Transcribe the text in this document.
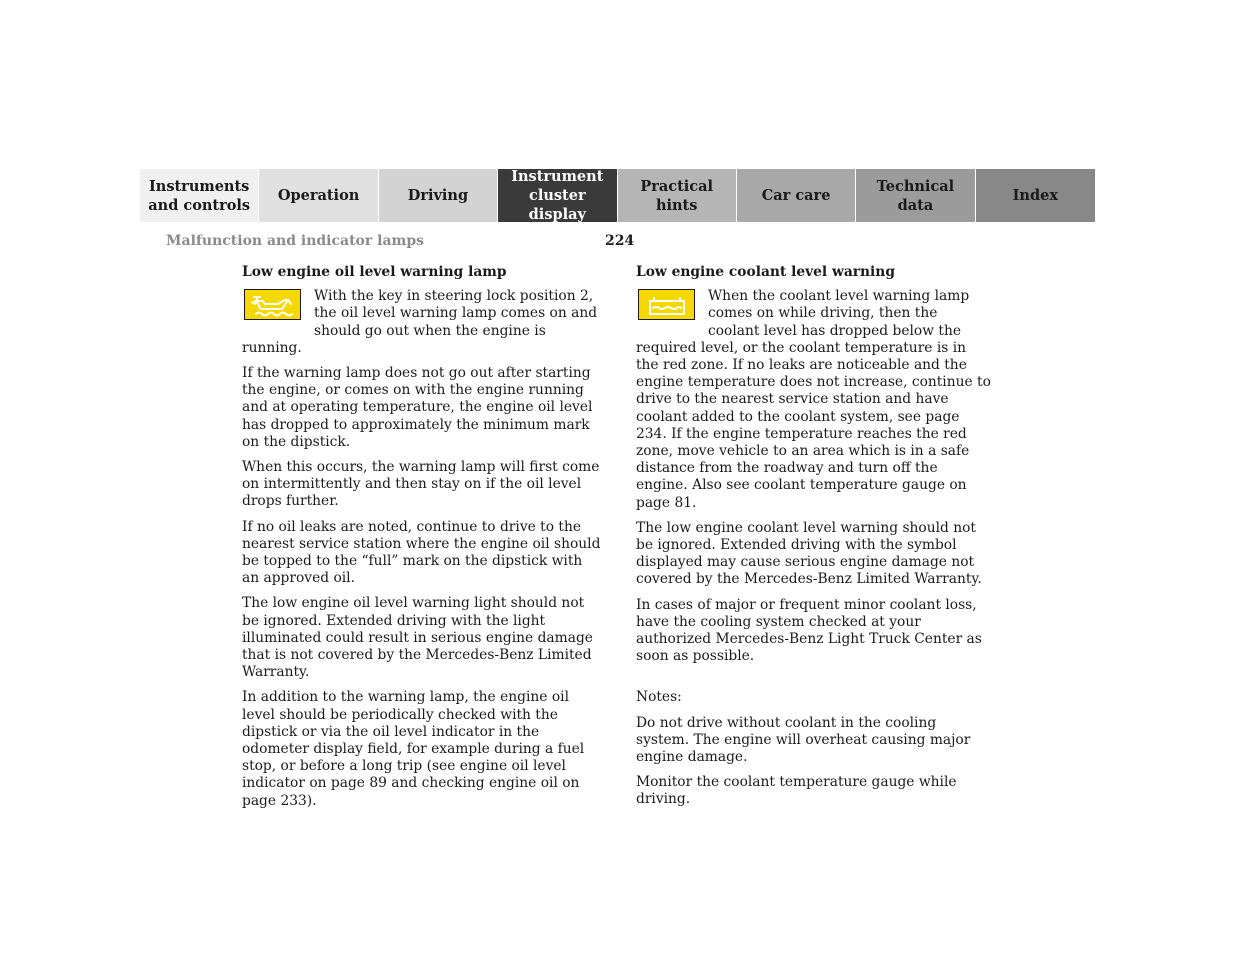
Instruments
and controls
Operation	Driving
Instrument
cluster display
Practical hints
Car care
Technical
data
Index
Malfunction and indicator lamps	224
Low engine oil level warning lamp

With the key in steering lock position 2, the oil level warning lamp comes on and should go out when the engine is running.

If the warning lamp does not go out after starting the engine, or comes on with the engine running and at operating temperature, the engine oil level has dropped to approximately the minimum mark on the dipstick.

When this occurs, the warning lamp will first come on intermittently and then stay on if the oil level drops further.

If no oil leaks are noted, continue to drive to the nearest service station where the engine oil should be topped to the “full” mark on the dipstick with an approved oil.

The low engine oil level warning light should not be ignored. Extended driving with the light illuminated could result in serious engine damage that is not covered by the Mercedes-Benz Limited Warranty.

In addition to the warning lamp, the engine oil level should be periodically checked with the dipstick or via the oil level indicator in the odometer display field, for example during a fuel stop, or before a long trip (see engine oil level indicator on page 89 and checking engine oil on page 233).

Low engine coolant level warning

When the coolant level warning lamp comes on while driving, then the coolant level has dropped below the required level, or the coolant temperature is in the red zone. If no leaks are noticeable and the engine temperature does not increase, continue to drive to the nearest service station and have coolant added to the coolant system, see page 234. If the engine temperature reaches the red zone, move vehicle to an area which is in a safe distance from the roadway and turn off the engine. Also see coolant temperature gauge on page 81.

The low engine coolant level warning should not be ignored. Extended driving with the symbol displayed may cause serious engine damage not covered by the Mercedes-Benz Limited Warranty.

In cases of major or frequent minor coolant loss, have the cooling system checked at your authorized Mercedes-Benz Light Truck Center as soon as possible.

Notes:

Do not drive without coolant in the cooling system. The engine will overheat causing major engine damage.

Monitor the coolant temperature gauge while driving.
